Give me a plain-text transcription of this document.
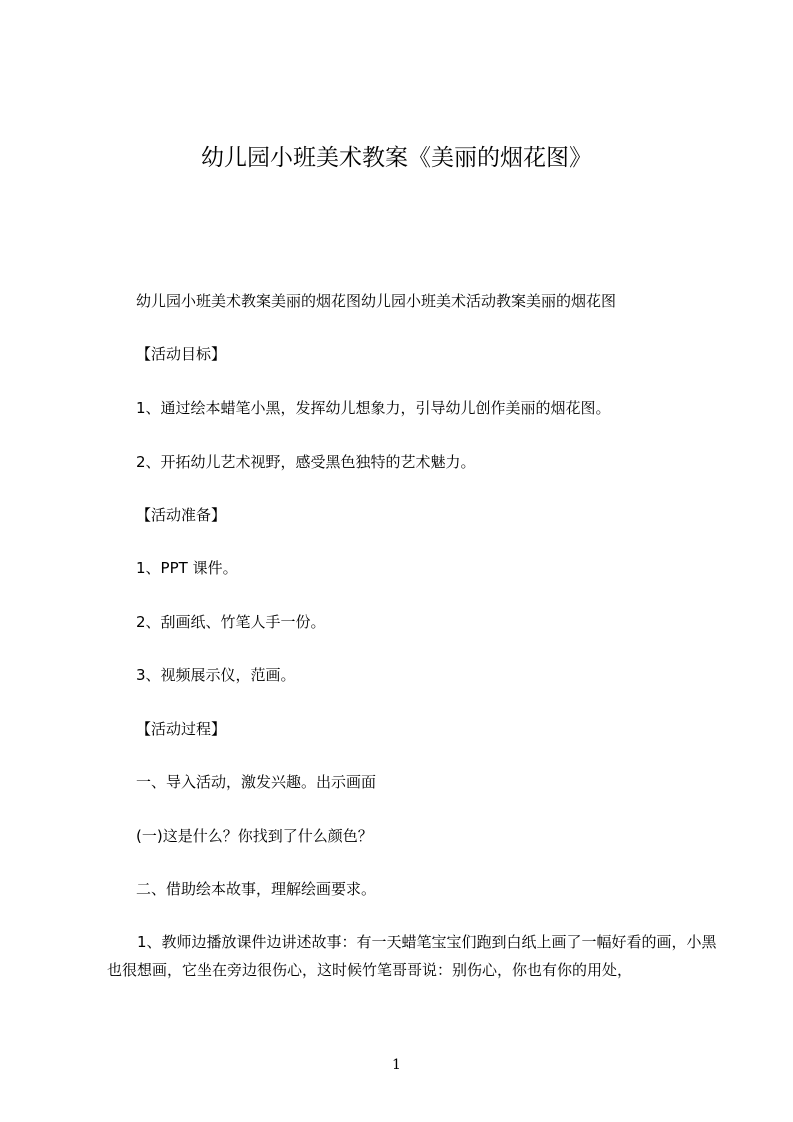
幼儿园小班美术教案《美丽的烟花图》
幼儿园小班美术教案美丽的烟花图幼儿园小班美术活动教案美丽的烟花图
【活动目标】
1、通过绘本蜡笔小黑，发挥幼儿想象力，引导幼儿创作美丽的烟花图。
2、开拓幼儿艺术视野，感受黑色独特的艺术魅力。
【活动准备】
1、PPT 课件。
2、刮画纸、竹笔人手一份。
3、视频展示仪，范画。
【活动过程】
一、导入活动，激发兴趣。出示画面
(一)这是什么？你找到了什么颜色？
二、借助绘本故事，理解绘画要求。
1、教师边播放课件边讲述故事：有一天蜡笔宝宝们跑到白纸上画了一幅好看的画，小黑也很想画，它坐在旁边很伤心，这时候竹笔哥哥说：别伤心，你也有你的用处，
1
